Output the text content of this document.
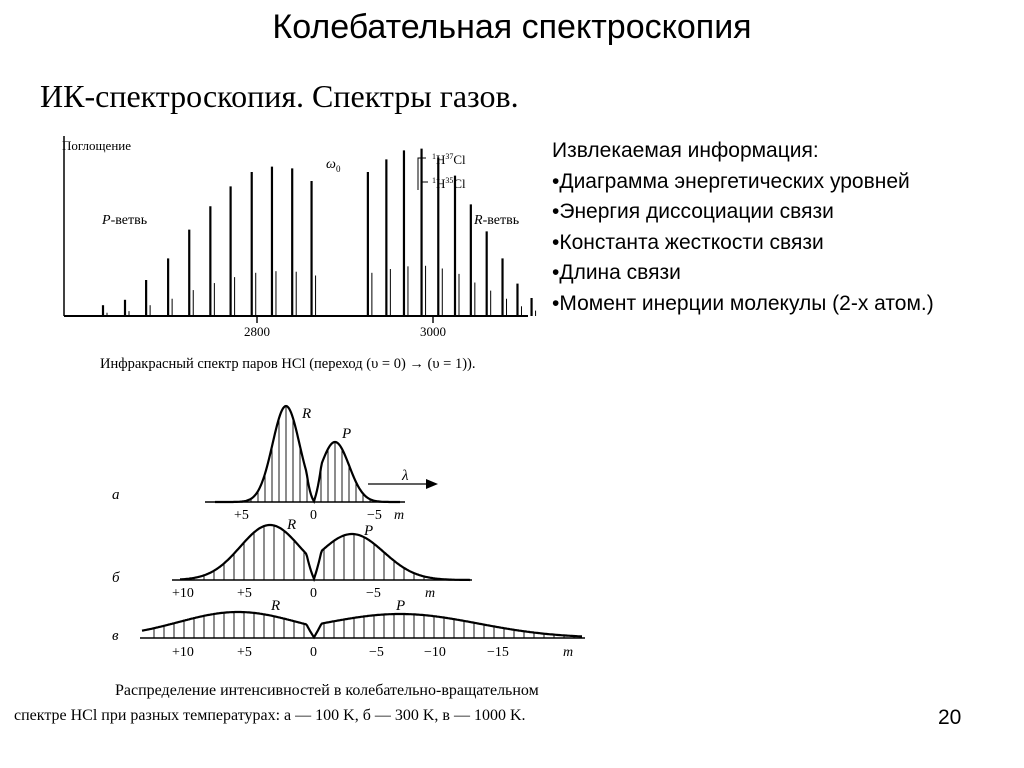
Колебательная спектроскопия
ИК-спектроскопия. Спектры газов.
Извлекаемая информация:
•Диаграмма энергетических уровней
•Энергия диссоциации связи
•Константа жесткости связи
•Длина связи
•Момент инерции молекулы (2-х атом.)
20
2800	3000
Поглощение
ω 0
P-ветвь	R-ветвь
$^1H^{37}Cl$
$^1H^{35}Cl$
Инфракрасный спектр паров HCl (переход (υ = 0) → (υ = 1)).
λ
а
R
P
+5	0	−5 m
б
R	P
+10	+5	0	−5	m
в
R	P
+10	+5	0	−5	−10	−15	m
Распределение интенсивностей в колебательно-вращательном
спектре HCl при разных температурах: а — 100 K, б — 300 K, в — 1000 K.
